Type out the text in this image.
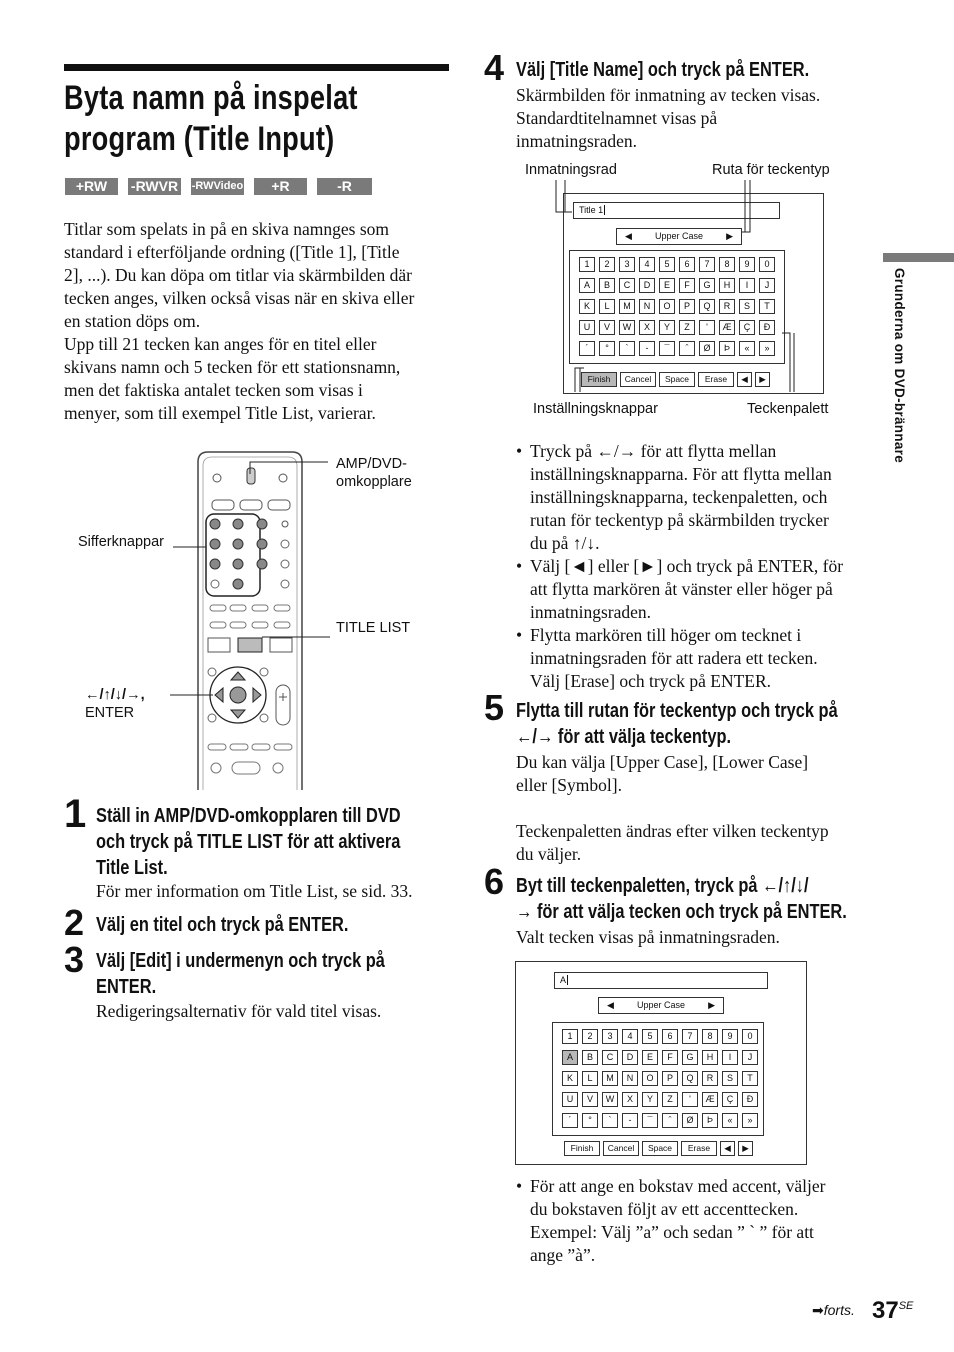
Byta namn på inspelat
program (Title Input)
+RW	-RWVR -RWVideo	+R	-R
Titlar som spelats in på en skiva namnges som
standard i efterföljande ordning ([Title 1], [Title
2], ...). Du kan döpa om titlar via skärmbilden där
tecken anges, vilken också visas när en skiva eller
en station döps om.
Upp till 21 tecken kan anges för en titel eller
skivans namn och 5 tecken för ett stationsnamn,
men det faktiska antalet tecken som visas i
menyer, som till exempel Title List, varierar.
AMP/DVD-
omkopplare
Sifferknappar
TITLE LIST
←/↑/↓/→,
ENTER
1 Ställ in AMP/DVD-omkopplaren till DVD
och tryck på TITLE LIST för att aktivera
Title List.
För mer information om Title List, se sid. 33.
2 Välj en titel och tryck på ENTER.
3 Välj [Edit] i undermenyn och tryck på
ENTER.
Redigeringsalternativ för vald titel visas.
4 Välj [Title Name] och tryck på ENTER.
Skärmbilden för inmatning av tecken visas.
Standardtitelnamnet visas på
inmatningsraden.
Inmatningsrad	Ruta för teckentyp
Inställningsknappar	Teckenpalett
Title 1
◀	Upper Case	▶
1	2	3	4	5	6	7	8	9	0
A	B	C	D	E	F	G	H	I	J
K	L	M	N	O	P	Q	R	S	T
U	V	W	X	Y	Z	'	Æ	Ç	Đ
´	°	`	-	¯	ˆ	Ø	Þ	«	»
Finish	Cancel	Space	Erase	◀	▶
• Tryck på ←/→ för att flytta mellan
inställningsknapparna. För att flytta mellan
inställningsknapparna, teckenpaletten, och
rutan för teckentyp på skärmbilden trycker
du på ↑/↓.
• Välj [◄] eller [►] och tryck på ENTER, för
att flytta markören åt vänster eller höger på
inmatningsraden.
• Flytta markören till höger om tecknet i
inmatningsraden för att radera ett tecken.
Välj [Erase] och tryck på ENTER.
5 Flytta till rutan för teckentyp och tryck på
←/→ för att välja teckentyp.
Du kan välja [Upper Case], [Lower Case]
eller [Symbol].
Teckenpaletten ändras efter vilken teckentyp
du väljer.
6 Byt till teckenpaletten, tryck på ←/↑/↓/
→ för att välja tecken och tryck på ENTER.
Valt tecken visas på inmatningsraden.
A
◀	Upper Case	▶
1	2	3	4	5	6	7	8	9	0
A	B	C	D	E	F	G	H	I	J
K	L	M	N	O	P	Q	R	S	T
U	V	W	X	Y	Z	'	Æ	Ç	Đ
´	°	`	-	¯	ˆ	Ø	Þ	«	»
Finish	Cancel	Space	Erase	◀	▶
• För att ange en bokstav med accent, väljer
du bokstaven följt av ett accenttecken.
Exempel: Välj ”a” och sedan ” ` ” för att
ange ”à”.
Grunderna om DVD-brännare
➡forts. $37^{SE}$
